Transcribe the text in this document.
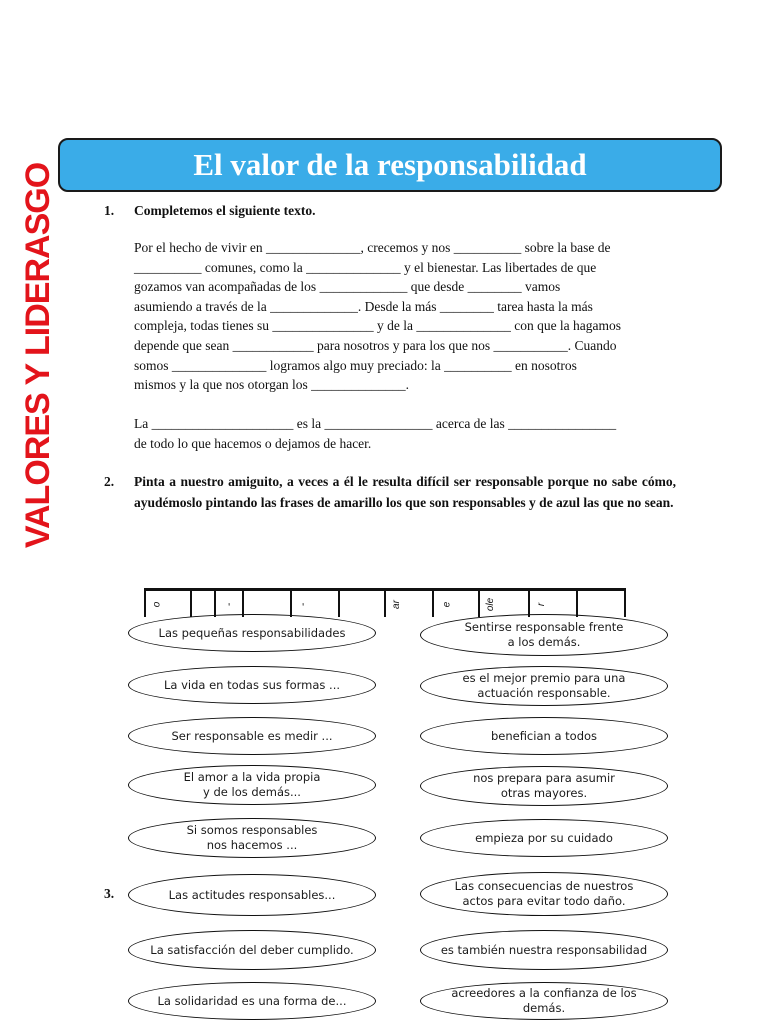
VALORES Y LIDERASGO	El valor de la responsabilidad
1. Completemos el siguiente texto.
Por el hecho de vivir en ______________, crecemos y nos __________ sobre la base de
__________ comunes, como la ______________ y el bienestar. Las libertades de que
gozamos van acompañadas de los _____________ que desde ________ vamos
asumiendo a través de la _____________. Desde la más ________ tarea hasta la más
compleja, todas tienes su _______________ y de la ______________ con que la hagamos
depende que sean ____________ para nosotros y para los que nos ___________. Cuando
somos ______________ logramos algo muy preciado: la __________ en nosotros
mismos y la que nos otorgan los ______________.
La _____________________ es la ________________ acerca de las ________________
de todo lo que hacemos o dejamos de hacer.
2. Pinta a nuestro amiguito, a veces a él le resulta difícil ser responsable porque no sabe cómo, ayudémoslo pintando las frases de amarillo los que son responsables y de azul las que no sean.
o	-	-	ar	e	ole	r
Las pequeñas responsabilidades
La vida en todas sus formas ...
Ser responsable es medir ...
El amor a la vida propia
y de los demás...
Si somos responsables
nos hacemos ...
Las actitudes responsables...
La satisfacción del deber cumplido.
La solidaridad es una forma de...
Sentirse responsable frente
a los demás.
es el mejor premio para una
actuación responsable.
benefician a todos
nos prepara para asumir
otras mayores.
empieza por su cuidado
Las consecuencias de nuestros
actos para evitar todo daño.
es también nuestra responsabilidad
acreedores a la confianza de los demás.
3.
